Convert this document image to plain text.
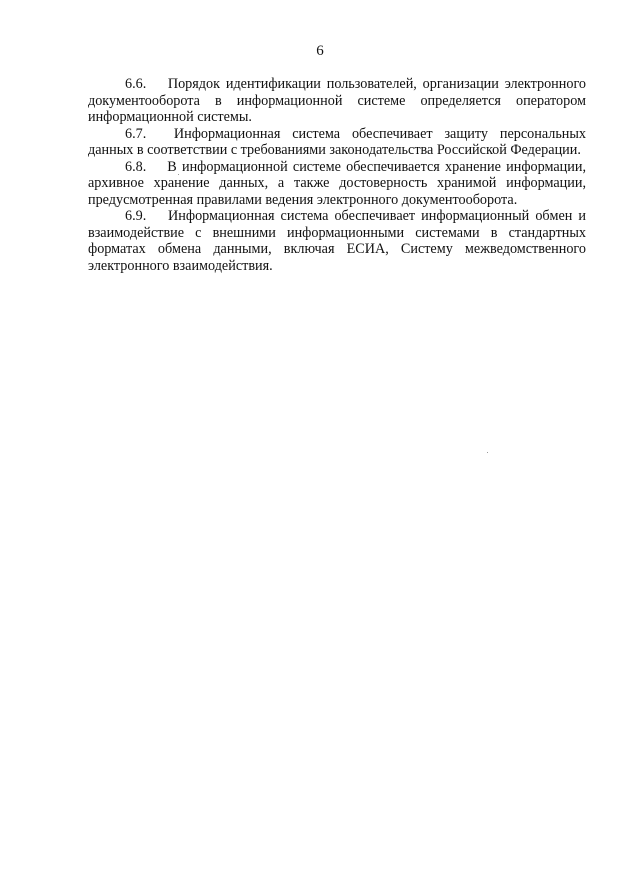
6

6.6. Порядок идентификации пользователей, организации электронного документооборота в информационной системе определяется оператором информационной системы.

6.7. Информационная система обеспечивает защиту персональных данных в соответствии с требованиями законодательства Российской Федерации.

6.8. В информационной системе обеспечивается хранение информации, архивное хранение данных, а также достоверность хранимой информации, предусмотренная правилами ведения электронного документооборота.

6.9. Информационная система обеспечивает информационный обмен и взаимодействие с внешними информационными системами в стандартных форматах обмена данными, включая ЕСИА, Систему межведомственного электронного взаимодействия.
